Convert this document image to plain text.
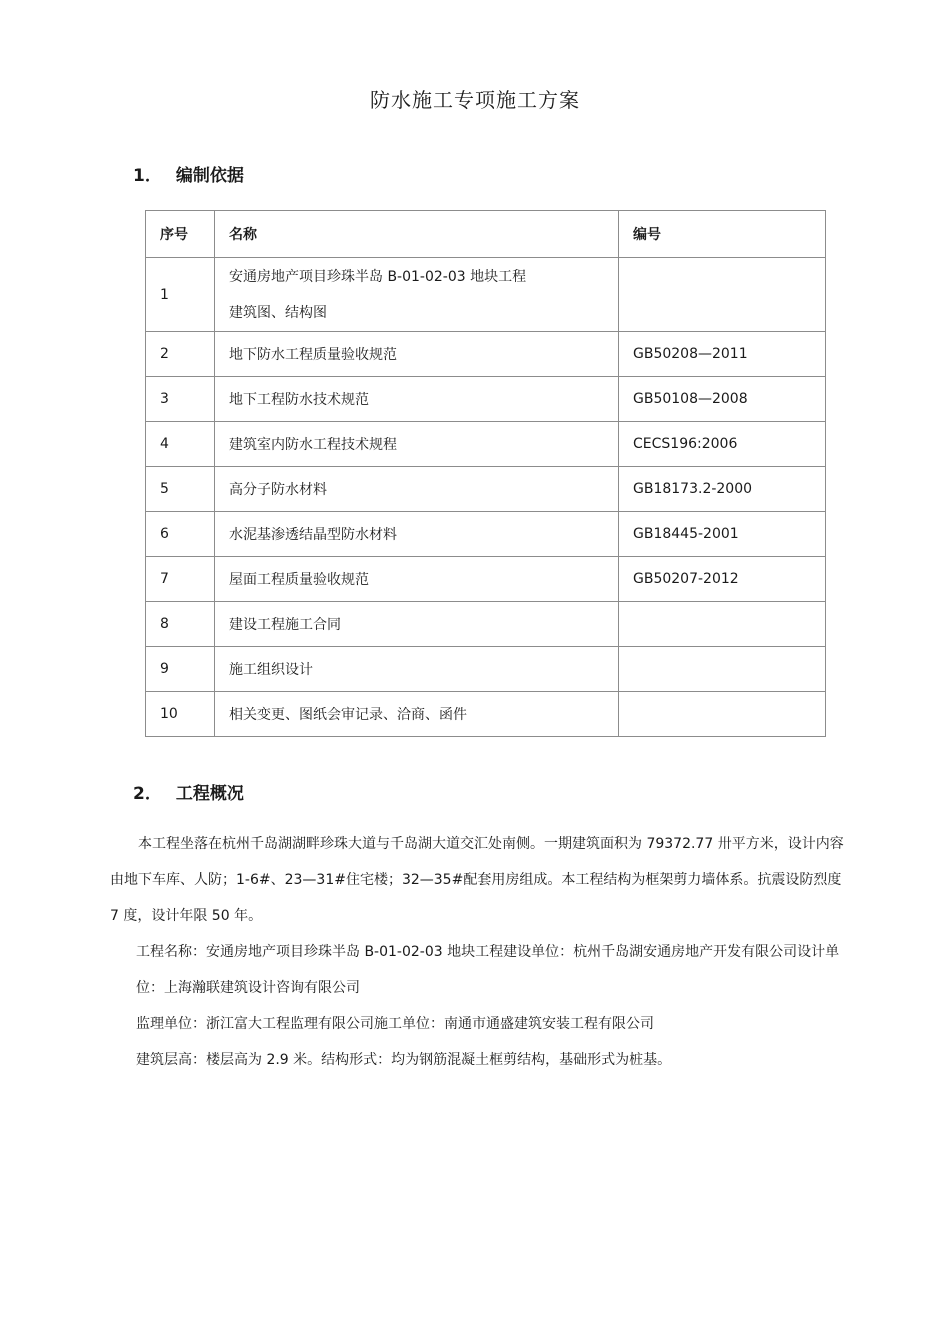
防水施工专项施工方案
1． 编制依据
序号	名称	编号
1	安通房地产项目珍珠半岛 B-01-02-03 地块工程
建筑图、结构图	

2	地下防水工程质量验收规范	GB50208—2011
3	地下工程防水技术规范	GB50108—2008
4	建筑室内防水工程技术规程	CECS196:2006
5	高分子防水材料	GB18173.2-2000
6	水泥基渗透结晶型防水材料	GB18445-2001
7	屋面工程质量验收规范	GB50207-2012
8	建设工程施工合同	
9	施工组织设计	
10	相关变更、图纸会审记录、洽商、函件	
2． 工程概况

本工程坐落在杭州千岛湖湖畔珍珠大道与千岛湖大道交汇处南侧。一期建筑面积为 79372.77 卅平方米，设计内容由地下车库、人防；1-6#、23—31#住宅楼；32—35#配套用房组成。本工程结构为框架剪力墙体系。抗震设防烈度 7 度，设计年限 50 年。

工程名称：安通房地产项目珍珠半岛 B-01-02-03 地块工程建设单位：杭州千岛湖安通房地产开发有限公司设计单位：上海瀚联建筑设计咨询有限公司

监理单位：浙江富大工程监理有限公司施工单位：南通市通盛建筑安装工程有限公司

建筑层高：楼层高为 2.9 米。结构形式：均为钢筋混凝土框剪结构，基础形式为桩基。
